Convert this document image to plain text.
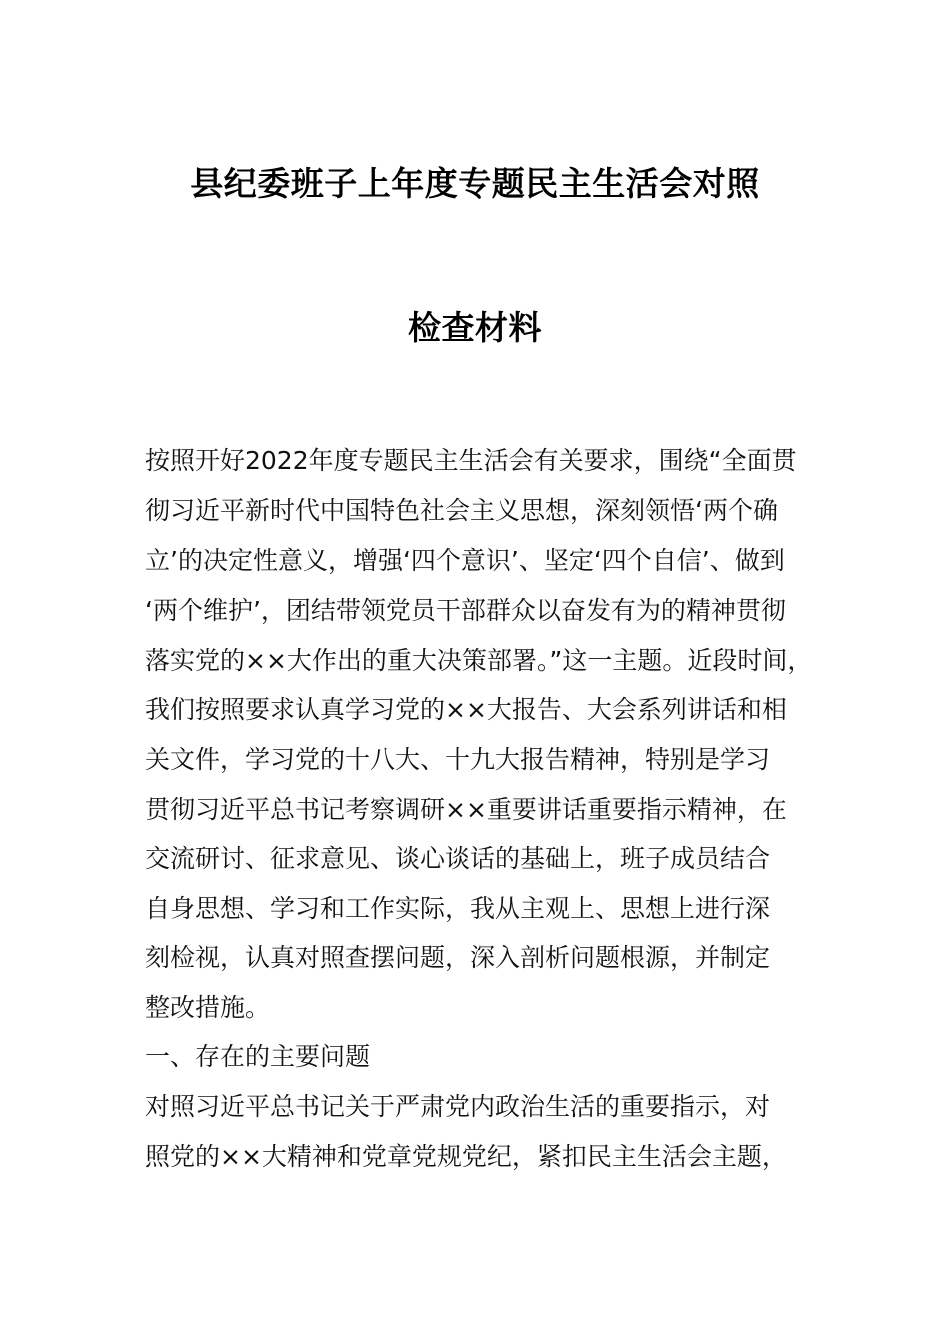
县纪委班子上年度专题民主生活会对照
检查材料
按照开好2022年度专题民主生活会有关要求，围绕“全面贯
彻习近平新时代中国特色社会主义思想，深刻领悟‘两个确
立’的决定性意义，增强‘四个意识’、坚定‘四个自信’、做到
‘两个维护’，团结带领党员干部群众以奋发有为的精神贯彻
落实党的××大作出的重大决策部署。”这一主题。近段时间，
我们按照要求认真学习党的××大报告、大会系列讲话和相
关文件，学习党的十八大、十九大报告精神，特别是学习
贯彻习近平总书记考察调研××重要讲话重要指示精神，在
交流研讨、征求意见、谈心谈话的基础上，班子成员结合
自身思想、学习和工作实际，我从主观上、思想上进行深
刻检视，认真对照查摆问题，深入剖析问题根源，并制定
整改措施。
一、存在的主要问题
对照习近平总书记关于严肃党内政治生活的重要指示，对
照党的××大精神和党章党规党纪，紧扣民主生活会主题，
